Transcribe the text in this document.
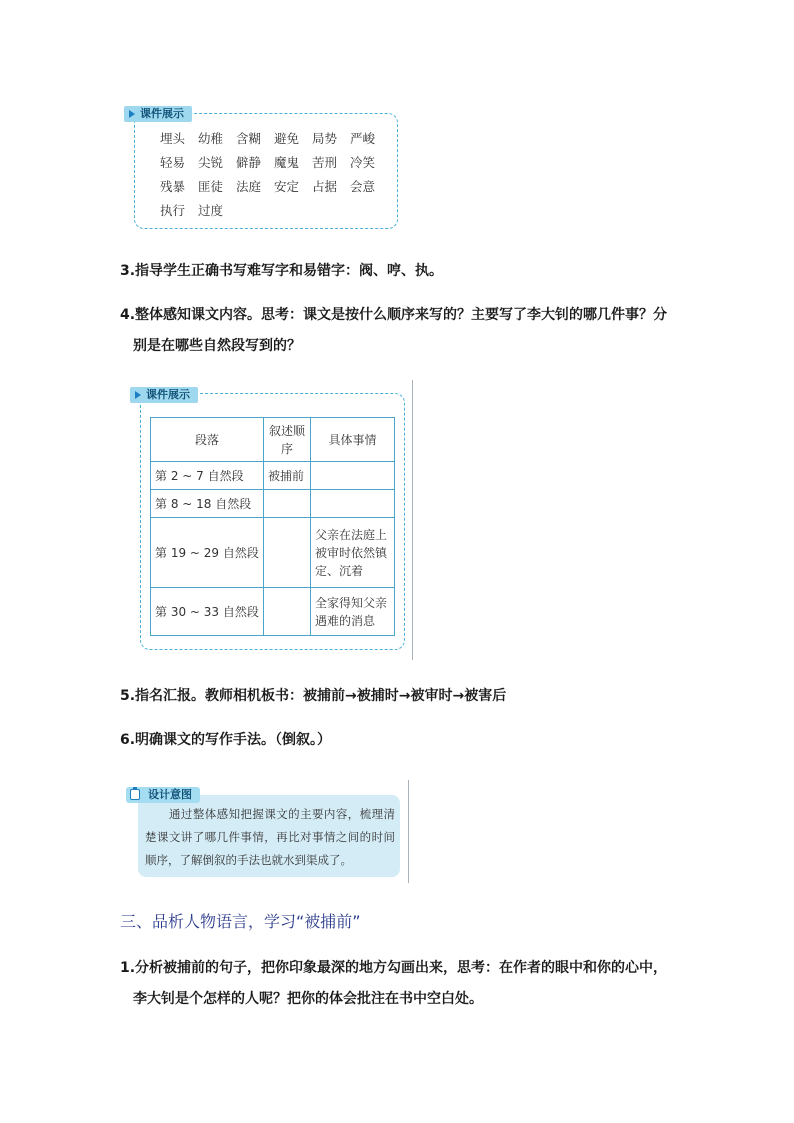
课件展示
埋头	幼稚	含糊	避免	局势	严峻
轻易	尖锐	僻静	魔鬼	苦刑	冷笑
残暴	匪徒	法庭	安定	占据	会意
执行	过度
3.指导学生正确书写难写字和易错字：阀、哼、执。
4.整体感知课文内容。思考：课文是按什么顺序来写的？主要写了李大钊的哪几件事？分
别是在哪些自然段写到的？
课件展示
段落	叙述顺序	具体事情
第 2 ~ 7 自然段	被捕前	
第 8 ~ 18 自然段		
第 19 ~ 29 自然段		父亲在法庭上被审时依然镇定、沉着
第 30 ~ 33 自然段		全家得知父亲遇难的消息
5.指名汇报。教师相机板书：被捕前→被捕时→被审时→被害后
6.明确课文的写作手法。（倒叙。）
设计意图
通过整体感知把握课文的主要内容，梳理清楚课文讲了哪几件事情，再比对事情之间的时间顺序，了解倒叙的手法也就水到渠成了。
三、品析人物语言，学习“被捕前”
1.分析被捕前的句子，把你印象最深的地方勾画出来，思考：在作者的眼中和你的心中，
李大钊是个怎样的人呢？把你的体会批注在书中空白处。
